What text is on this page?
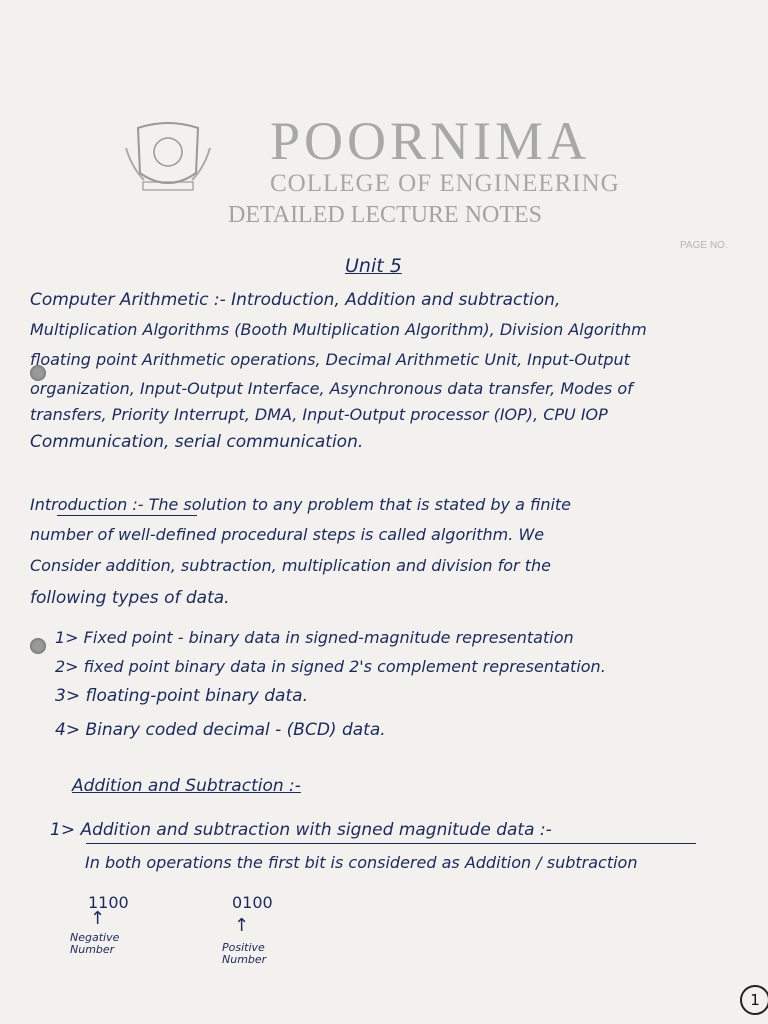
POORNIMA
COLLEGE OF ENGINEERING
DETAILED LECTURE NOTES
PAGE NO.
Unit 5
Computer Arithmetic :- Introduction, Addition and subtraction,
Multiplication Algorithms (Booth Multiplication Algorithm), Division Algorithm
floating point Arithmetic operations, Decimal Arithmetic Unit, Input-Output
organization, Input-Output Interface, Asynchronous data transfer, Modes of
transfers, Priority Interrupt, DMA, Input-Output processor (IOP), CPU IOP
Communication, serial communication.
Introduction :- The solution to any problem that is stated by a finite
number of well-defined procedural steps is called algorithm. We
Consider addition, subtraction, multiplication and division for the
following types of data.
1> Fixed point - binary data in signed-magnitude representation
2> fixed point binary data in signed 2's complement representation.
3> floating-point binary data.
4> Binary coded decimal - (BCD) data.
Addition and Subtraction :-
1> Addition and subtraction with signed magnitude data :-
In both operations the first bit is considered as Addition / subtraction
1100
↑
Negative
Number
0100
↑
Positive
Number
1
